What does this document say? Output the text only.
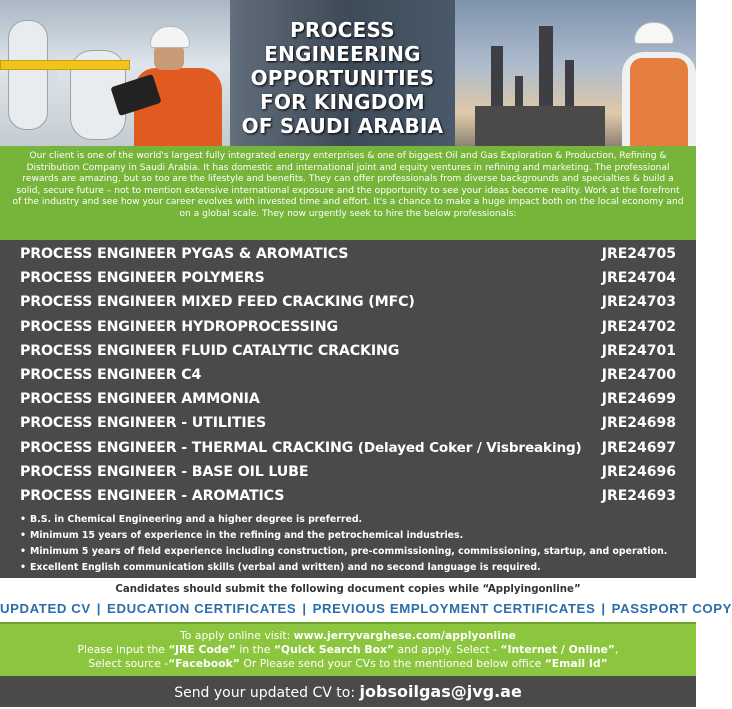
PROCESS ENGINEERING
OPPORTUNITIES
FOR KINGDOM
OF SAUDI ARABIA

Our client is one of the world's largest fully integrated energy enterprises & one of biggest Oil and Gas Exploration & Production, Refining & Distribution Company in Saudi Arabia. It has domestic and international joint and equity ventures in refining and marketing. The professional rewards are amazing, but so too are the lifestyle and benefits. They can offer professionals from diverse backgrounds and specialties & build a solid, secure future – not to mention extensive international exposure and the opportunity to see your ideas become reality. Work at the forefront of the industry and see how your career evolves with invested time and effort. It's a chance to make a huge impact both on the local economy and on a global scale. They now urgently seek to hire the below professionals:

PROCESS ENGINEER PYGAS & AROMATICS	JRE24705
PROCESS ENGINEER POLYMERS	JRE24704
PROCESS ENGINEER MIXED FEED CRACKING (MFC)	JRE24703
PROCESS ENGINEER HYDROPROCESSING	JRE24702
PROCESS ENGINEER FLUID CATALYTIC CRACKING	JRE24701
PROCESS ENGINEER C4	JRE24700
PROCESS ENGINEER AMMONIA	JRE24699
PROCESS ENGINEER - UTILITIES	JRE24698
PROCESS ENGINEER - THERMAL CRACKING (Delayed Coker / Visbreaking) JRE24697
PROCESS ENGINEER - BASE OIL LUBE	JRE24696
PROCESS ENGINEER - AROMATICS	JRE24693
• B.S. in Chemical Engineering and a higher degree is preferred.
• Minimum 15 years of experience in the refining and the petrochemical industries.
• Minimum 5 years of field experience including construction, pre-commissioning, commissioning, startup, and operation.
• Excellent English communication skills (verbal and written) and no second language is required.
Candidates should submit the following document copies while “Applyingonline”
UPDATED CV | EDUCATION CERTIFICATES | PREVIOUS EMPLOYMENT CERTIFICATES | PASSPORT COPY
To apply online visit: www.jerryvarghese.com/applyonline
Please input the “JRE Code” in the “Quick Search Box” and apply. Select - “Internet / Online”,
Select source -“Facebook” Or Please send your CVs to the mentioned below office “Email Id”
Send your updated CV to: jobsoilgas@jvg.ae
